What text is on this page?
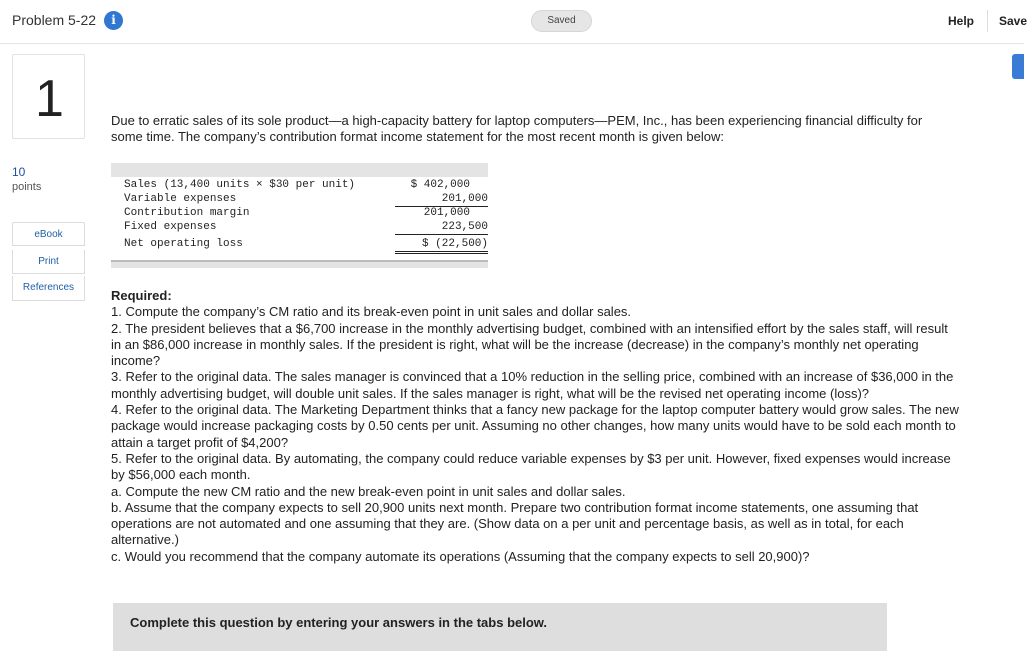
Problem 5-22	i	Saved	Help Save
1
10
points
eBook
Print
References

Due to erratic sales of its sole product—a high-capacity battery for laptop computers—PEM, Inc., has been experiencing financial difficulty for some time. The company’s contribution format income statement for the most recent month is given below:

Sales (13,400 units × $30 per unit)	$ 402,000
Variable expenses	201,000
Contribution margin	201,000
Fixed expenses	223,500
Net operating loss	$ (22,500)
Required:
1. Compute the company’s CM ratio and its break-even point in unit sales and dollar sales.
2. The president believes that a $6,700 increase in the monthly advertising budget, combined with an intensified effort by the sales staff, will result in an $86,000 increase in monthly sales. If the president is right, what will be the increase (decrease) in the company’s monthly net operating income?
3. Refer to the original data. The sales manager is convinced that a 10% reduction in the selling price, combined with an increase of $36,000 in the monthly advertising budget, will double unit sales. If the sales manager is right, what will be the revised net operating income (loss)?
4. Refer to the original data. The Marketing Department thinks that a fancy new package for the laptop computer battery would grow sales. The new package would increase packaging costs by 0.50 cents per unit. Assuming no other changes, how many units would have to be sold each month to attain a target profit of $4,200?
5. Refer to the original data. By automating, the company could reduce variable expenses by $3 per unit. However, fixed expenses would increase by $56,000 each month.
a. Compute the new CM ratio and the new break-even point in unit sales and dollar sales.
b. Assume that the company expects to sell 20,900 units next month. Prepare two contribution format income statements, one assuming that operations are not automated and one assuming that they are. (Show data on a per unit and percentage basis, as well as in total, for each alternative.)
c. Would you recommend that the company automate its operations (Assuming that the company expects to sell 20,900)?
Complete this question by entering your answers in the tabs below.
